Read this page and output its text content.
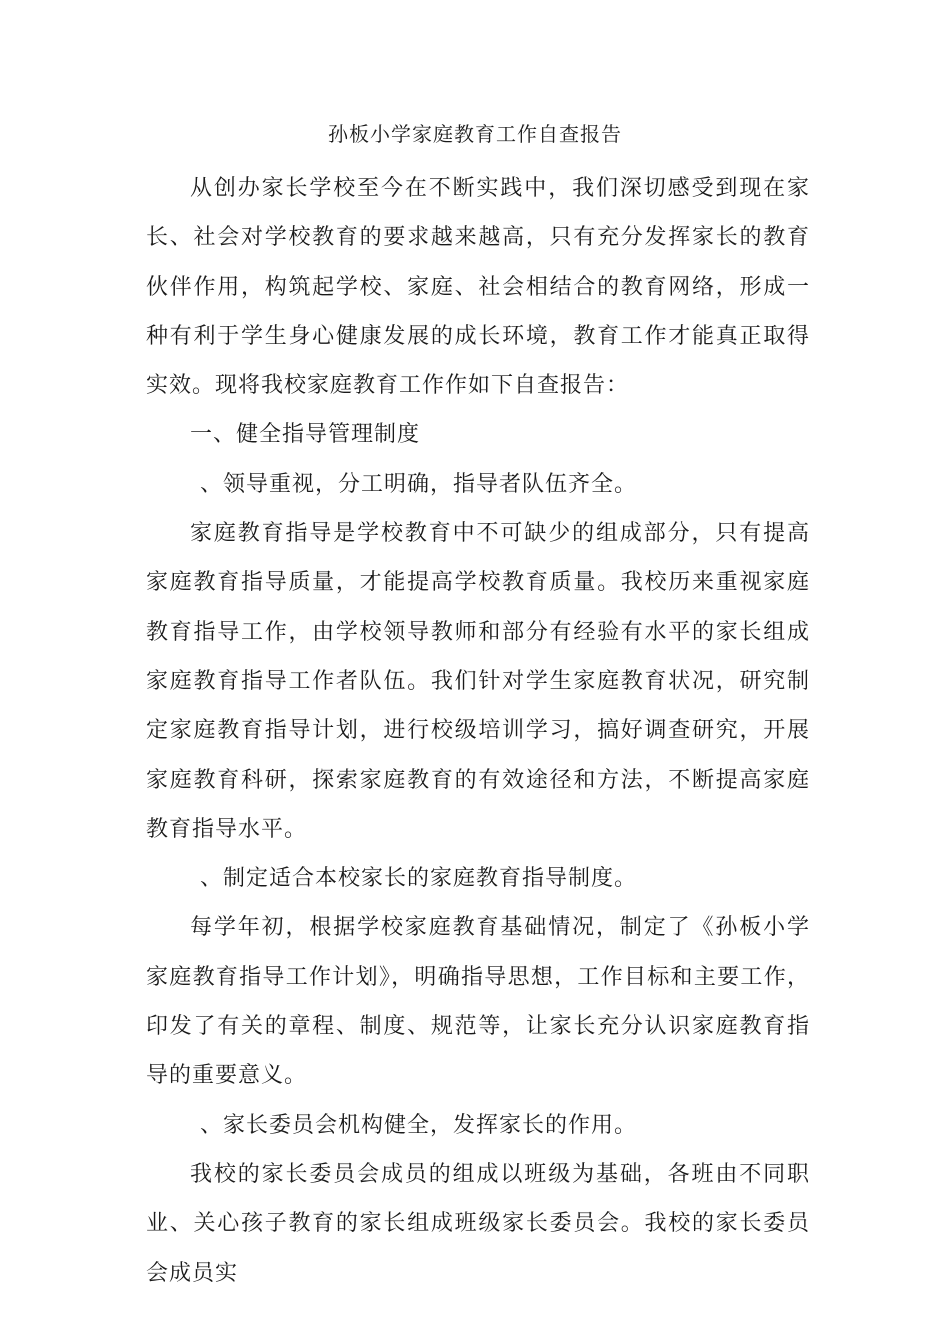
孙板小学家庭教育工作自查报告

从创办家长学校至今在不断实践中，我们深切感受到现在家长、社会对学校教育的要求越来越高，只有充分发挥家长的教育伙伴作用，构筑起学校、家庭、社会相结合的教育网络，形成一种有利于学生身心健康发展的成长环境，教育工作才能真正取得实效。现将我校家庭教育工作作如下自查报告：

一、健全指导管理制度

、领导重视，分工明确，指导者队伍齐全。

家庭教育指导是学校教育中不可缺少的组成部分，只有提高家庭教育指导质量，才能提高学校教育质量。我校历来重视家庭教育指导工作，由学校领导教师和部分有经验有水平的家长组成家庭教育指导工作者队伍。我们针对学生家庭教育状况，研究制定家庭教育指导计划，进行校级培训学习，搞好调查研究，开展家庭教育科研，探索家庭教育的有效途径和方法，不断提高家庭教育指导水平。

、制定适合本校家长的家庭教育指导制度。

每学年初，根据学校家庭教育基础情况，制定了《孙板小学家庭教育指导工作计划》，明确指导思想，工作目标和主要工作，印发了有关的章程、制度、规范等，让家长充分认识家庭教育指导的重要意义。

、家长委员会机构健全，发挥家长的作用。

我校的家长委员会成员的组成以班级为基础，各班由不同职业、关心孩子教育的家长组成班级家长委员会。我校的家长委员会成员实
